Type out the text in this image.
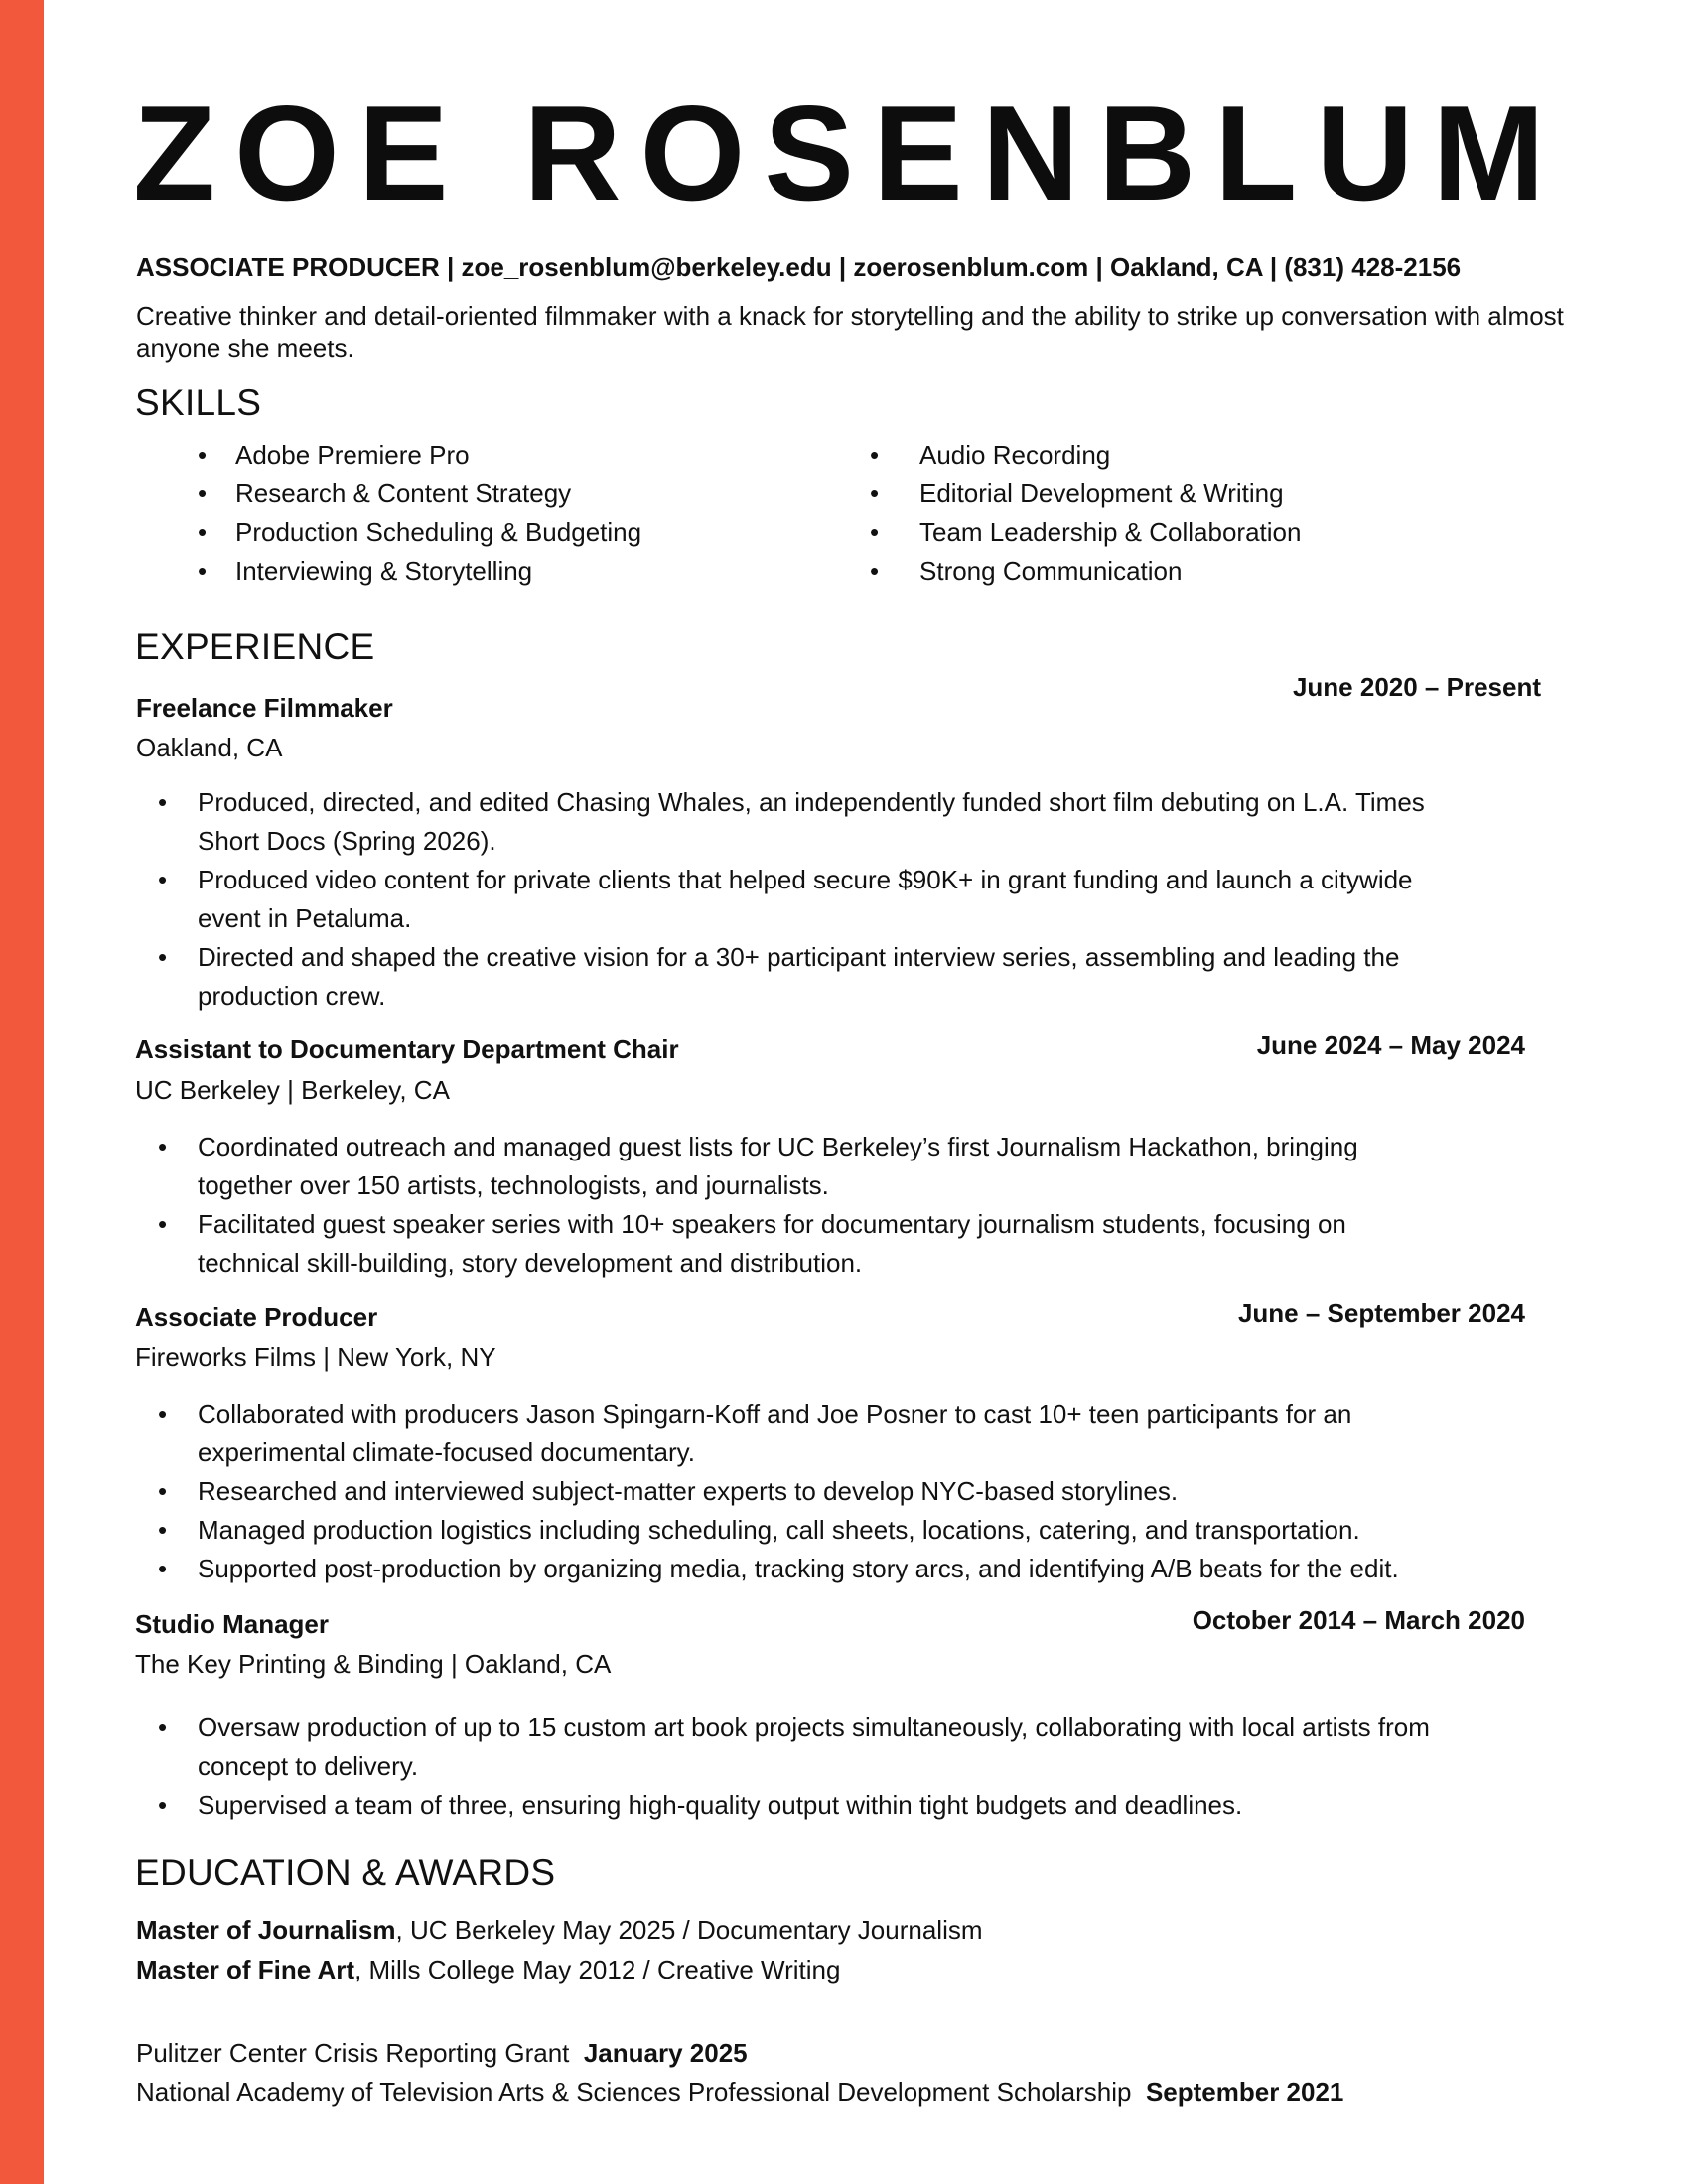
ZOE ROSENBLUM
ASSOCIATE PRODUCER | zoe_rosenblum@berkeley.edu | zoerosenblum.com | Oakland, CA | (831) 428-2156
Creative thinker and detail-oriented filmmaker with a knack for storytelling and the ability to strike up conversation with almost anyone she meets.
SKILLS
• Adobe Premiere Pro
• Research & Content Strategy
• Production Scheduling & Budgeting
• Interviewing & Storytelling
• Audio Recording
• Editorial Development & Writing
• Team Leadership & Collaboration
• Strong Communication
EXPERIENCE
June 2020 – Present
Freelance Filmmaker
Oakland, CA
• Produced, directed, and edited Chasing Whales, an independently funded short film debuting on L.A. Times
Short Docs (Spring 2026).
• Produced video content for private clients that helped secure $90K+ in grant funding and launch a citywide
event in Petaluma.
• Directed and shaped the creative vision for a 30+ participant interview series, assembling and leading the
production crew.
June 2024 – May 2024
Assistant to Documentary Department Chair
UC Berkeley | Berkeley, CA
• Coordinated outreach and managed guest lists for UC Berkeley’s first Journalism Hackathon, bringing
together over 150 artists, technologists, and journalists.
• Facilitated guest speaker series with 10+ speakers for documentary journalism students, focusing on
technical skill-building, story development and distribution.
June – September 2024
Associate Producer
Fireworks Films | New York, NY
• Collaborated with producers Jason Spingarn-Koff and Joe Posner to cast 10+ teen participants for an
experimental climate-focused documentary.
• Researched and interviewed subject-matter experts to develop NYC-based storylines.
• Managed production logistics including scheduling, call sheets, locations, catering, and transportation.
• Supported post-production by organizing media, tracking story arcs, and identifying A/B beats for the edit.
October 2014 – March 2020
Studio Manager
The Key Printing & Binding | Oakland, CA
• Oversaw production of up to 15 custom art book projects simultaneously, collaborating with local artists from
concept to delivery.
• Supervised a team of three, ensuring high-quality output within tight budgets and deadlines.
EDUCATION & AWARDS
Master of Journalism, UC Berkeley May 2025 / Documentary Journalism
Master of Fine Art, Mills College May 2012 / Creative Writing
Pulitzer Center Crisis Reporting Grant January 2025
National Academy of Television Arts & Sciences Professional Development Scholarship September 2021
